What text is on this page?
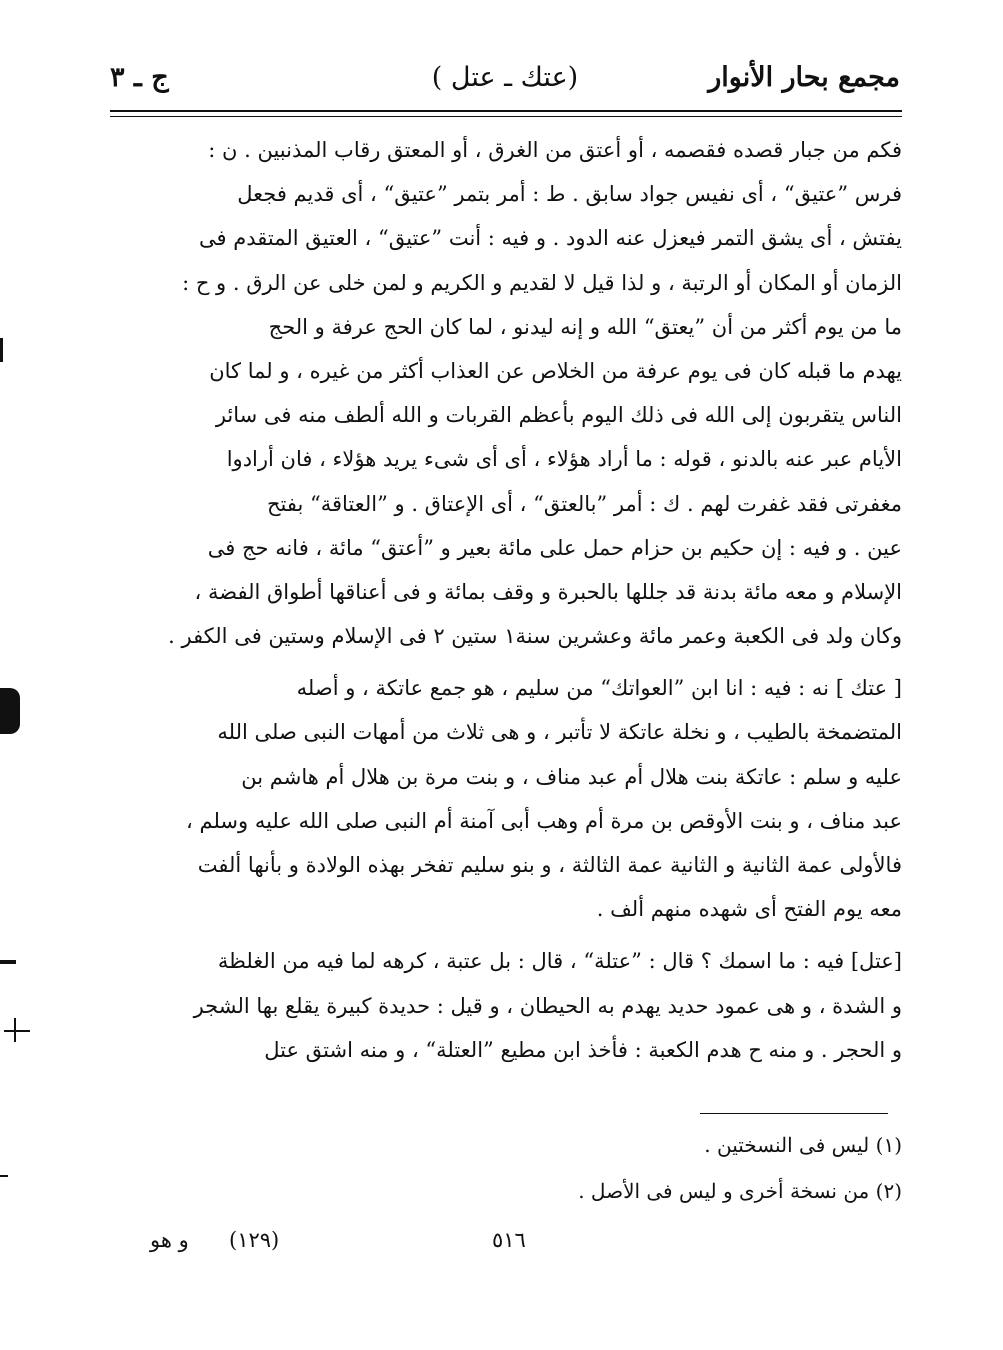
مجمع بحار الأنوار
(عتك ـ عتل )
ج ـ ٣
فكم من جبار قصده فقصمه ، أو أعتق من الغرق ، أو المعتق رقاب المذنبين . ن :
فرس ”عتيق“ ، أى نفيس جواد سابق . ط : أمر بتمر ”عتيق“ ، أى قديم فجعل
يفتش ، أى يشق التمر فيعزل عنه الدود . و فيه : أنت ”عتيق“ ، العتيق المتقدم فى
الزمان أو المكان أو الرتبة ، و لذا قيل لا لقديم و الكريم و لمن خلى عن الرق . و ح :
ما من يوم أكثر من أن ”يعتق“ الله و إنه ليدنو ، لما كان الحج عرفة و الحج
يهدم ما قبله كان فى يوم عرفة من الخلاص عن العذاب أكثر من غيره ، و لما كان
الناس يتقربون إلى الله فى ذلك اليوم بأعظم القربات و الله ألطف منه فى سائر
الأيام عبر عنه بالدنو ، قوله : ما أراد هؤلاء ، أى أى شىء يريد هؤلاء ، فان أرادوا
مغفرتى فقد غفرت لهم . ك : أمر ”بالعتق“ ، أى الإعتاق . و ”العتاقة“ بفتح
عين . و فيه : إن حكيم بن حزام حمل على مائة بعير و ”أعتق“ مائة ، فانه حج فى
الإسلام و معه مائة بدنة قد جللها بالحبرة و وقف بمائة و فى أعناقها أطواق الفضة ،
وكان ولد فى الكعبة وعمر مائة وعشرين سنة١ ستين ٢ فى الإسلام وستين فى الكفر .
[ عتك ] نه : فيه : انا ابن ”العواتك“ من سليم ، هو جمع عاتكة ، و أصله
المتضمخة بالطيب ، و نخلة عاتكة لا تأتبر ، و هى ثلاث من أمهات النبى صلى الله
عليه و سلم : عاتكة بنت هلال أم عبد مناف ، و بنت مرة بن هلال أم هاشم بن
عبد مناف ، و بنت الأوقص بن مرة أم وهب أبى آمنة أم النبى صلى الله عليه وسلم ،
فالأولى عمة الثانية و الثانية عمة الثالثة ، و بنو سليم تفخر بهذه الولادة و بأنها ألفت
معه يوم الفتح أى شهده منهم ألف .
[عتل] فيه : ما اسمك ؟ قال : ”عتلة“ ، قال : بل عتبة ، كرهه لما فيه من الغلظة
و الشدة ، و هى عمود حديد يهدم به الحيطان ، و قيل : حديدة كبيرة يقلع بها الشجر
و الحجر . و منه ح هدم الكعبة : فأخذ ابن مطيع ”العتلة“ ، و منه اشتق عتل
(١) ليس فى النسختين .
(٢) من نسخة أخرى و ليس فى الأصل .
٥١٦
(١٢٩)
و هو
